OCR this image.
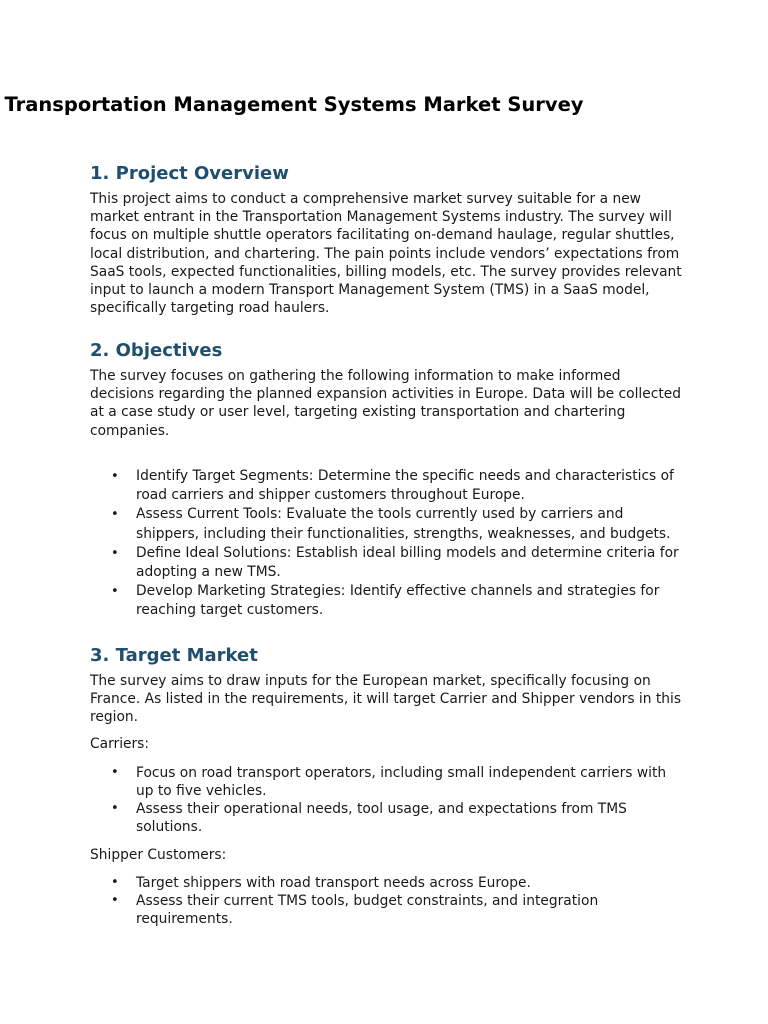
Transportation Management Systems Market Survey
1. Project Overview

This project aims to conduct a comprehensive market survey suitable for a new market entrant in the Transportation Management Systems industry. The survey will focus on multiple shuttle operators facilitating on-demand haulage, regular shuttles, local distribution, and chartering. The pain points include vendors’ expectations from SaaS tools, expected functionalities, billing models, etc. The survey provides relevant input to launch a modern Transport Management System (TMS) in a SaaS model, specifically targeting road haulers.

2. Objectives

The survey focuses on gathering the following information to make informed decisions regarding the planned expansion activities in Europe. Data will be collected at a case study or user level, targeting existing transportation and chartering companies.

• Identify Target Segments: Determine the specific needs and characteristics of road carriers and shipper customers throughout Europe.
• Assess Current Tools: Evaluate the tools currently used by carriers and shippers, including their functionalities, strengths, weaknesses, and budgets.
• Define Ideal Solutions: Establish ideal billing models and determine criteria for adopting a new TMS.
• Develop Marketing Strategies: Identify effective channels and strategies for reaching target customers.
3. Target Market

The survey aims to draw inputs for the European market, specifically focusing on France. As listed in the requirements, it will target Carrier and Shipper vendors in this region.

Carriers:

• Focus on road transport operators, including small independent carriers with up to five vehicles.
• Assess their operational needs, tool usage, and expectations from TMS solutions.

Shipper Customers:

• Target shippers with road transport needs across Europe.
• Assess their current TMS tools, budget constraints, and integration requirements.
